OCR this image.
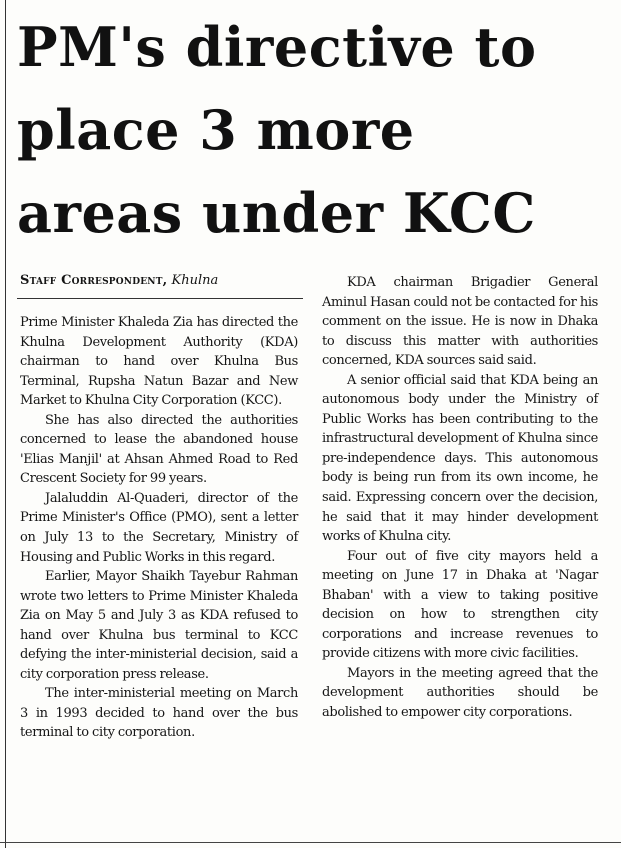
PM's directive to
place 3 more
areas under KCC
Staff Correspondent, Khulna

Prime Minister Khaleda Zia has directed the Khulna Development Authority (KDA) chairman to hand over Khulna Bus Terminal, Rupsha Natun Bazar and New Market to Khulna City Corporation (KCC).

She has also directed the authorities concerned to lease the abandoned house 'Elias Manjil' at Ahsan Ahmed Road to Red Crescent Society for 99 years.

Jalaluddin Al-Quaderi, director of the Prime Minister's Office (PMO), sent a letter on July 13 to the Secretary, Ministry of Housing and Public Works in this regard.

Earlier, Mayor Shaikh Tayebur Rahman wrote two letters to Prime Minister Khaleda Zia on May 5 and July 3 as KDA refused to hand over Khulna bus terminal to KCC defying the inter-ministerial decision, said a city corporation press release.

The inter-ministerial meeting on March 3 in 1993 decided to hand over the bus terminal to city corporation.

KDA chairman Brigadier General Aminul Hasan could not be contacted for his comment on the issue. He is now in Dhaka to discuss this matter with authorities concerned, KDA sources said said.

A senior official said that KDA being an autonomous body under the Ministry of Public Works has been contributing to the infrastructural development of Khulna since pre-independence days. This autonomous body is being run from its own income, he said. Expressing concern over the decision, he said that it may hinder development works of Khulna city.

Four out of five city mayors held a meeting on June 17 in Dhaka at 'Nagar Bhaban' with a view to taking positive decision on how to strengthen city corporations and increase revenues to provide citizens with more civic facilities.

Mayors in the meeting agreed that the development authorities should be abolished to empower city corporations.
